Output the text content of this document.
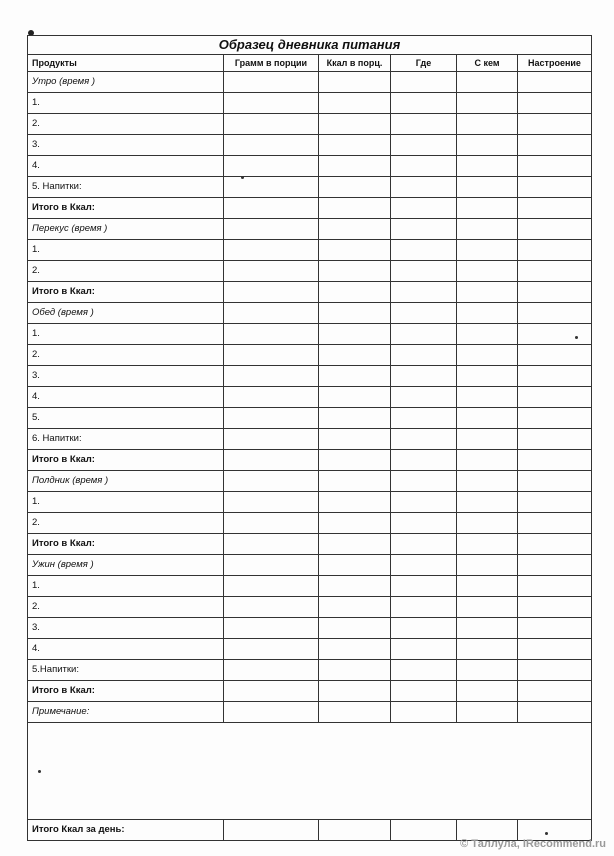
Образец дневника питания					
Продукты	Грамм в порции	Ккал в порц.	Где	С кем	Настроение
Утро (время )					
1.					
2.					
3.					
4.					
5. Напитки:					
Итого в Ккал:					
Перекус (время )					
1.					
2.					
Итого в Ккал:					
Обед (время )					
1.					
2.					
3.					
4.					
5.					
6. Напитки:					
Итого в Ккал:					
Полдник (время )					
1.					
2.					
Итого в Ккал:					
Ужин (время )					
1.					
2.					
3.					
4.					
5.Напитки:					
Итого в Ккал:					
Примечание:					

Итого Ккал за день:					
© Таллула, IRecommend.ru
